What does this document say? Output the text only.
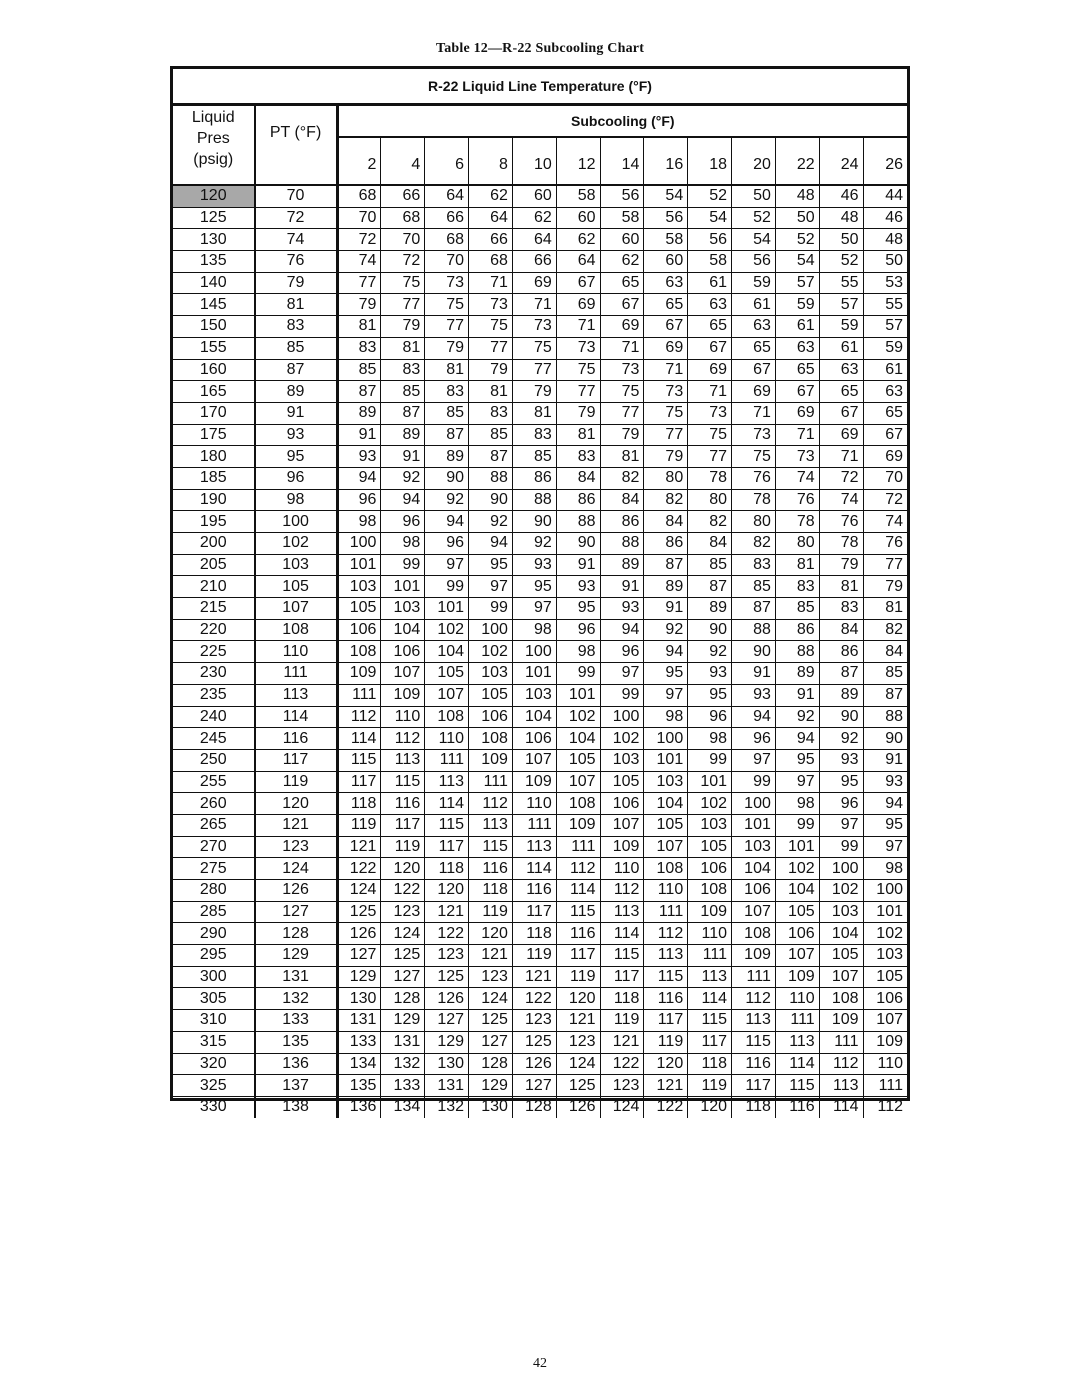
Table 12—R-22 Subcooling Chart
R-22 Liquid Line Temperature (°F)														

Liquid
Pres
(psig)	PT (°F)	Subcooling (°F)												
		2	4	6	8	10	12	14	16	18	20	22	24	26
120	70	68	66	64	62	60	58	56	54	52	50	48	46	44
125	72	70	68	66	64	62	60	58	56	54	52	50	48	46
130	74	72	70	68	66	64	62	60	58	56	54	52	50	48
135	76	74	72	70	68	66	64	62	60	58	56	54	52	50
140	79	77	75	73	71	69	67	65	63	61	59	57	55	53
145	81	79	77	75	73	71	69	67	65	63	61	59	57	55
150	83	81	79	77	75	73	71	69	67	65	63	61	59	57
155	85	83	81	79	77	75	73	71	69	67	65	63	61	59
160	87	85	83	81	79	77	75	73	71	69	67	65	63	61
165	89	87	85	83	81	79	77	75	73	71	69	67	65	63
170	91	89	87	85	83	81	79	77	75	73	71	69	67	65
175	93	91	89	87	85	83	81	79	77	75	73	71	69	67
180	95	93	91	89	87	85	83	81	79	77	75	73	71	69
185	96	94	92	90	88	86	84	82	80	78	76	74	72	70
190	98	96	94	92	90	88	86	84	82	80	78	76	74	72
195	100	98	96	94	92	90	88	86	84	82	80	78	76	74
200	102	100	98	96	94	92	90	88	86	84	82	80	78	76
205	103	101	99	97	95	93	91	89	87	85	83	81	79	77
210	105	103	101	99	97	95	93	91	89	87	85	83	81	79
215	107	105	103	101	99	97	95	93	91	89	87	85	83	81
220	108	106	104	102	100	98	96	94	92	90	88	86	84	82
225	110	108	106	104	102	100	98	96	94	92	90	88	86	84
230	111	109	107	105	103	101	99	97	95	93	91	89	87	85
235	113	111	109	107	105	103	101	99	97	95	93	91	89	87
240	114	112	110	108	106	104	102	100	98	96	94	92	90	88
245	116	114	112	110	108	106	104	102	100	98	96	94	92	90
250	117	115	113	111	109	107	105	103	101	99	97	95	93	91
255	119	117	115	113	111	109	107	105	103	101	99	97	95	93
260	120	118	116	114	112	110	108	106	104	102	100	98	96	94
265	121	119	117	115	113	111	109	107	105	103	101	99	97	95
270	123	121	119	117	115	113	111	109	107	105	103	101	99	97
275	124	122	120	118	116	114	112	110	108	106	104	102	100	98
280	126	124	122	120	118	116	114	112	110	108	106	104	102	100
285	127	125	123	121	119	117	115	113	111	109	107	105	103	101
290	128	126	124	122	120	118	116	114	112	110	108	106	104	102
295	129	127	125	123	121	119	117	115	113	111	109	107	105	103
300	131	129	127	125	123	121	119	117	115	113	111	109	107	105
305	132	130	128	126	124	122	120	118	116	114	112	110	108	106
310	133	131	129	127	125	123	121	119	117	115	113	111	109	107
315	135	133	131	129	127	125	123	121	119	117	115	113	111	109
320	136	134	132	130	128	126	124	122	120	118	116	114	112	110
325	137	135	133	131	129	127	125	123	121	119	117	115	113	111
330	138	136	134	132	130	128	126	124	122	120	118	116	114	112
42
